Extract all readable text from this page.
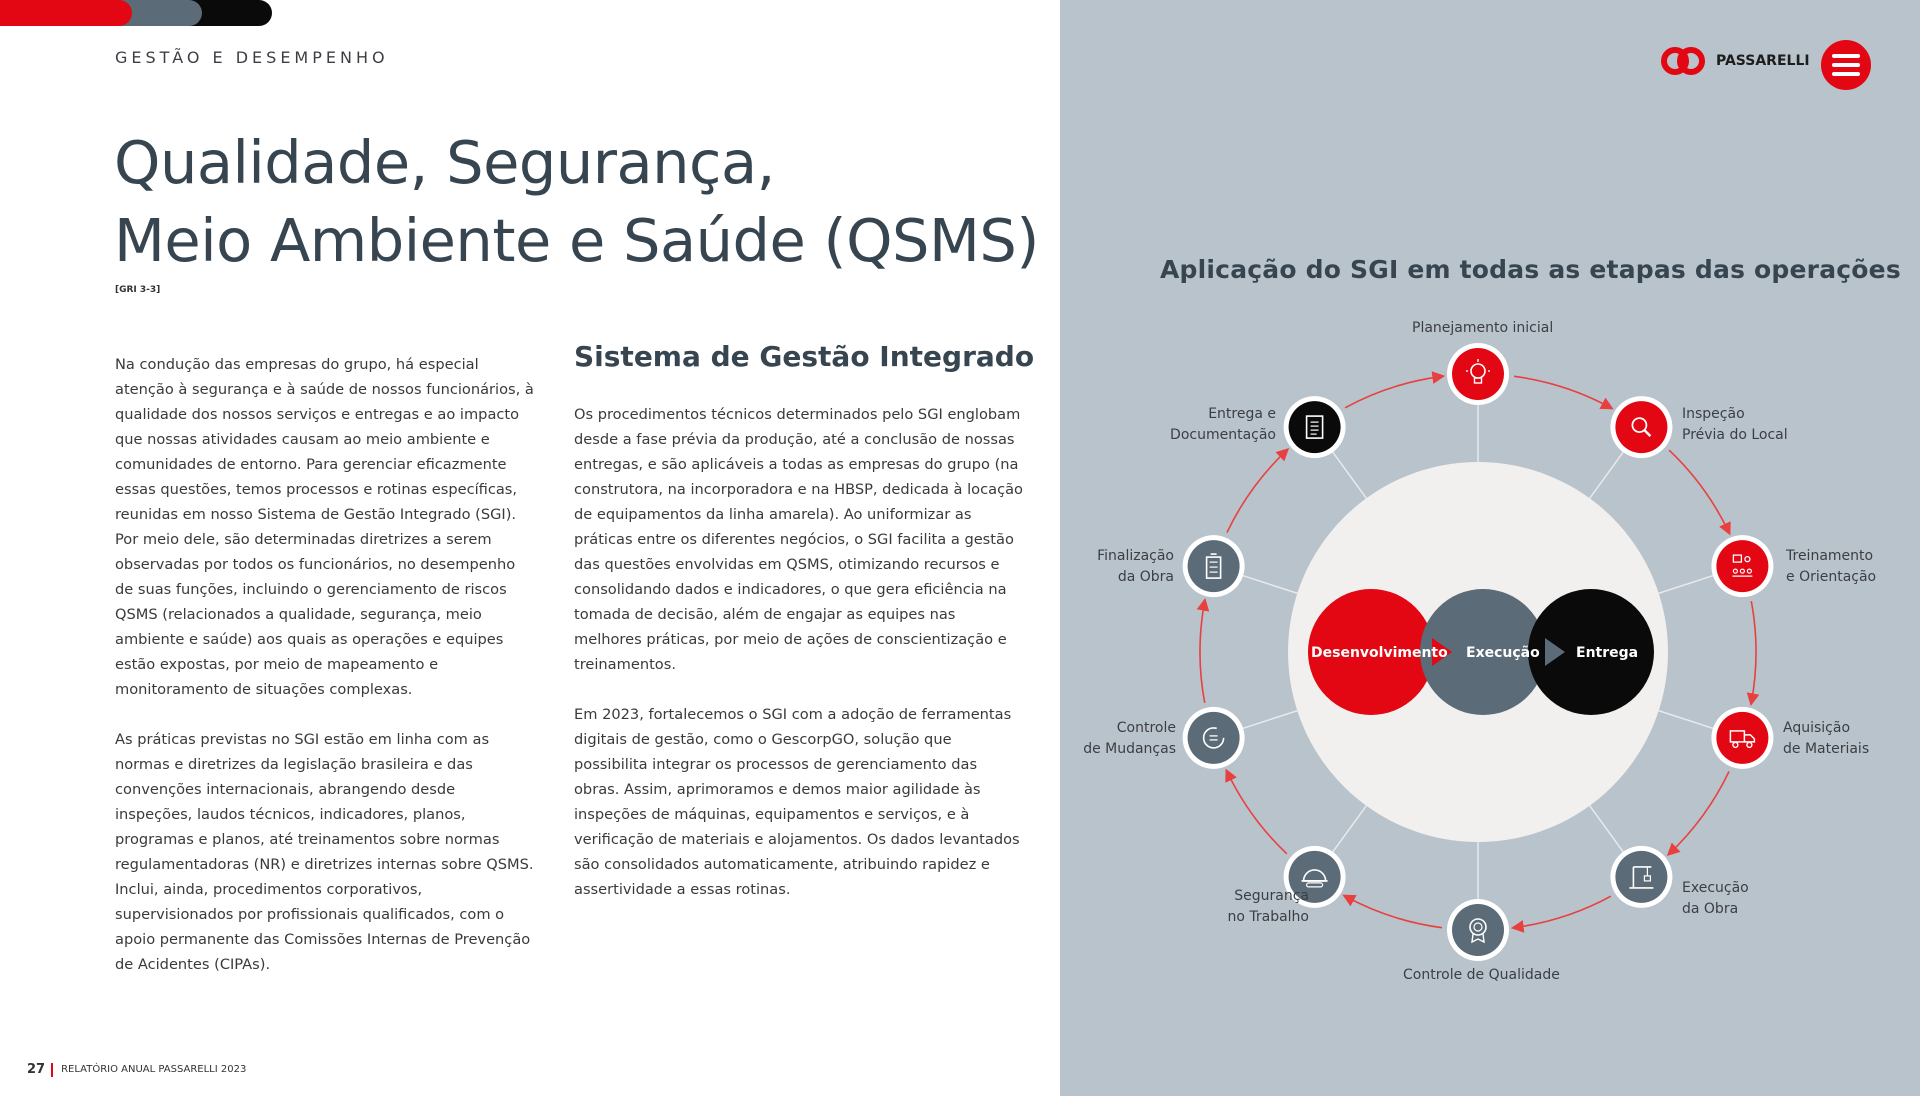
GESTÃO E DESEMPENHO
Qualidade, Segurança,
Meio Ambiente e Saúde (QSMS)
[GRI 3-3]

Na condução das empresas do grupo, há especial atenção à segurança e à saúde de nossos funcionários, à qualidade dos nossos serviços e entregas e ao impacto que nossas atividades causam ao meio ambiente e comunidades de entorno. Para gerenciar eficazmente essas questões, temos processos e rotinas específicas, reunidas em nosso Sistema de Gestão Integrado (SGI). Por meio dele, são determinadas diretrizes a serem observadas por todos os funcionários, no desempenho de suas funções, incluindo o gerenciamento de riscos QSMS (relacionados a qualidade, segurança, meio ambiente e saúde) aos quais as operações e equipes estão expostas, por meio de mapeamento e monitoramento de situações complexas.

As práticas previstas no SGI estão em linha com as normas e diretrizes da legislação brasileira e das convenções internacionais, abrangendo desde inspeções, laudos técnicos, indicadores, planos, programas e planos, até treinamentos sobre normas regulamentadoras (NR) e diretrizes internas sobre QSMS. Inclui, ainda, procedimentos corporativos, supervisionados por profissionais qualificados, com o apoio permanente das Comissões Internas de Prevenção de Acidentes (CIPAs).

Sistema de Gestão Integrado

Os procedimentos técnicos determinados pelo SGI englobam desde a fase prévia da produção, até a conclusão de nossas entregas, e são aplicáveis a todas as empresas do grupo (na construtora, na incorporadora e na HBSP, dedicada à locação de equipamentos da linha amarela). Ao uniformizar as práticas entre os diferentes negócios, o SGI facilita a gestão das questões envolvidas em QSMS, otimizando recursos e consolidando dados e indicadores, o que gera eficiência na tomada de decisão, além de engajar as equipes nas melhores práticas, por meio de ações de conscientização e treinamentos.

Em 2023, fortalecemos o SGI com a adoção de ferramentas digitais de gestão, como o GescorpGO, solução que possibilita integrar os processos de gerenciamento das obras. Assim, aprimoramos e demos maior agilidade às inspeções de máquinas, equipamentos e serviços, e à verificação de materiais e alojamentos. Os dados levantados são consolidados automaticamente, atribuindo rapidez e assertividade a essas rotinas.

27 RELATÓRIO ANUAL PASSARELLI 2023
PASSARELLI
Aplicação do SGI em todas as etapas das operações
Desenvolvimento Execução	Entrega
Planejamento inicial
Inspeção
Prévia do Local
Treinamento
e Orientação
Aquisição
de Materiais
Execução
da Obra
Controle de Qualidade
Segurança
no Trabalho
Controle
de Mudanças
Finalização
da Obra
Entrega e
Documentação
